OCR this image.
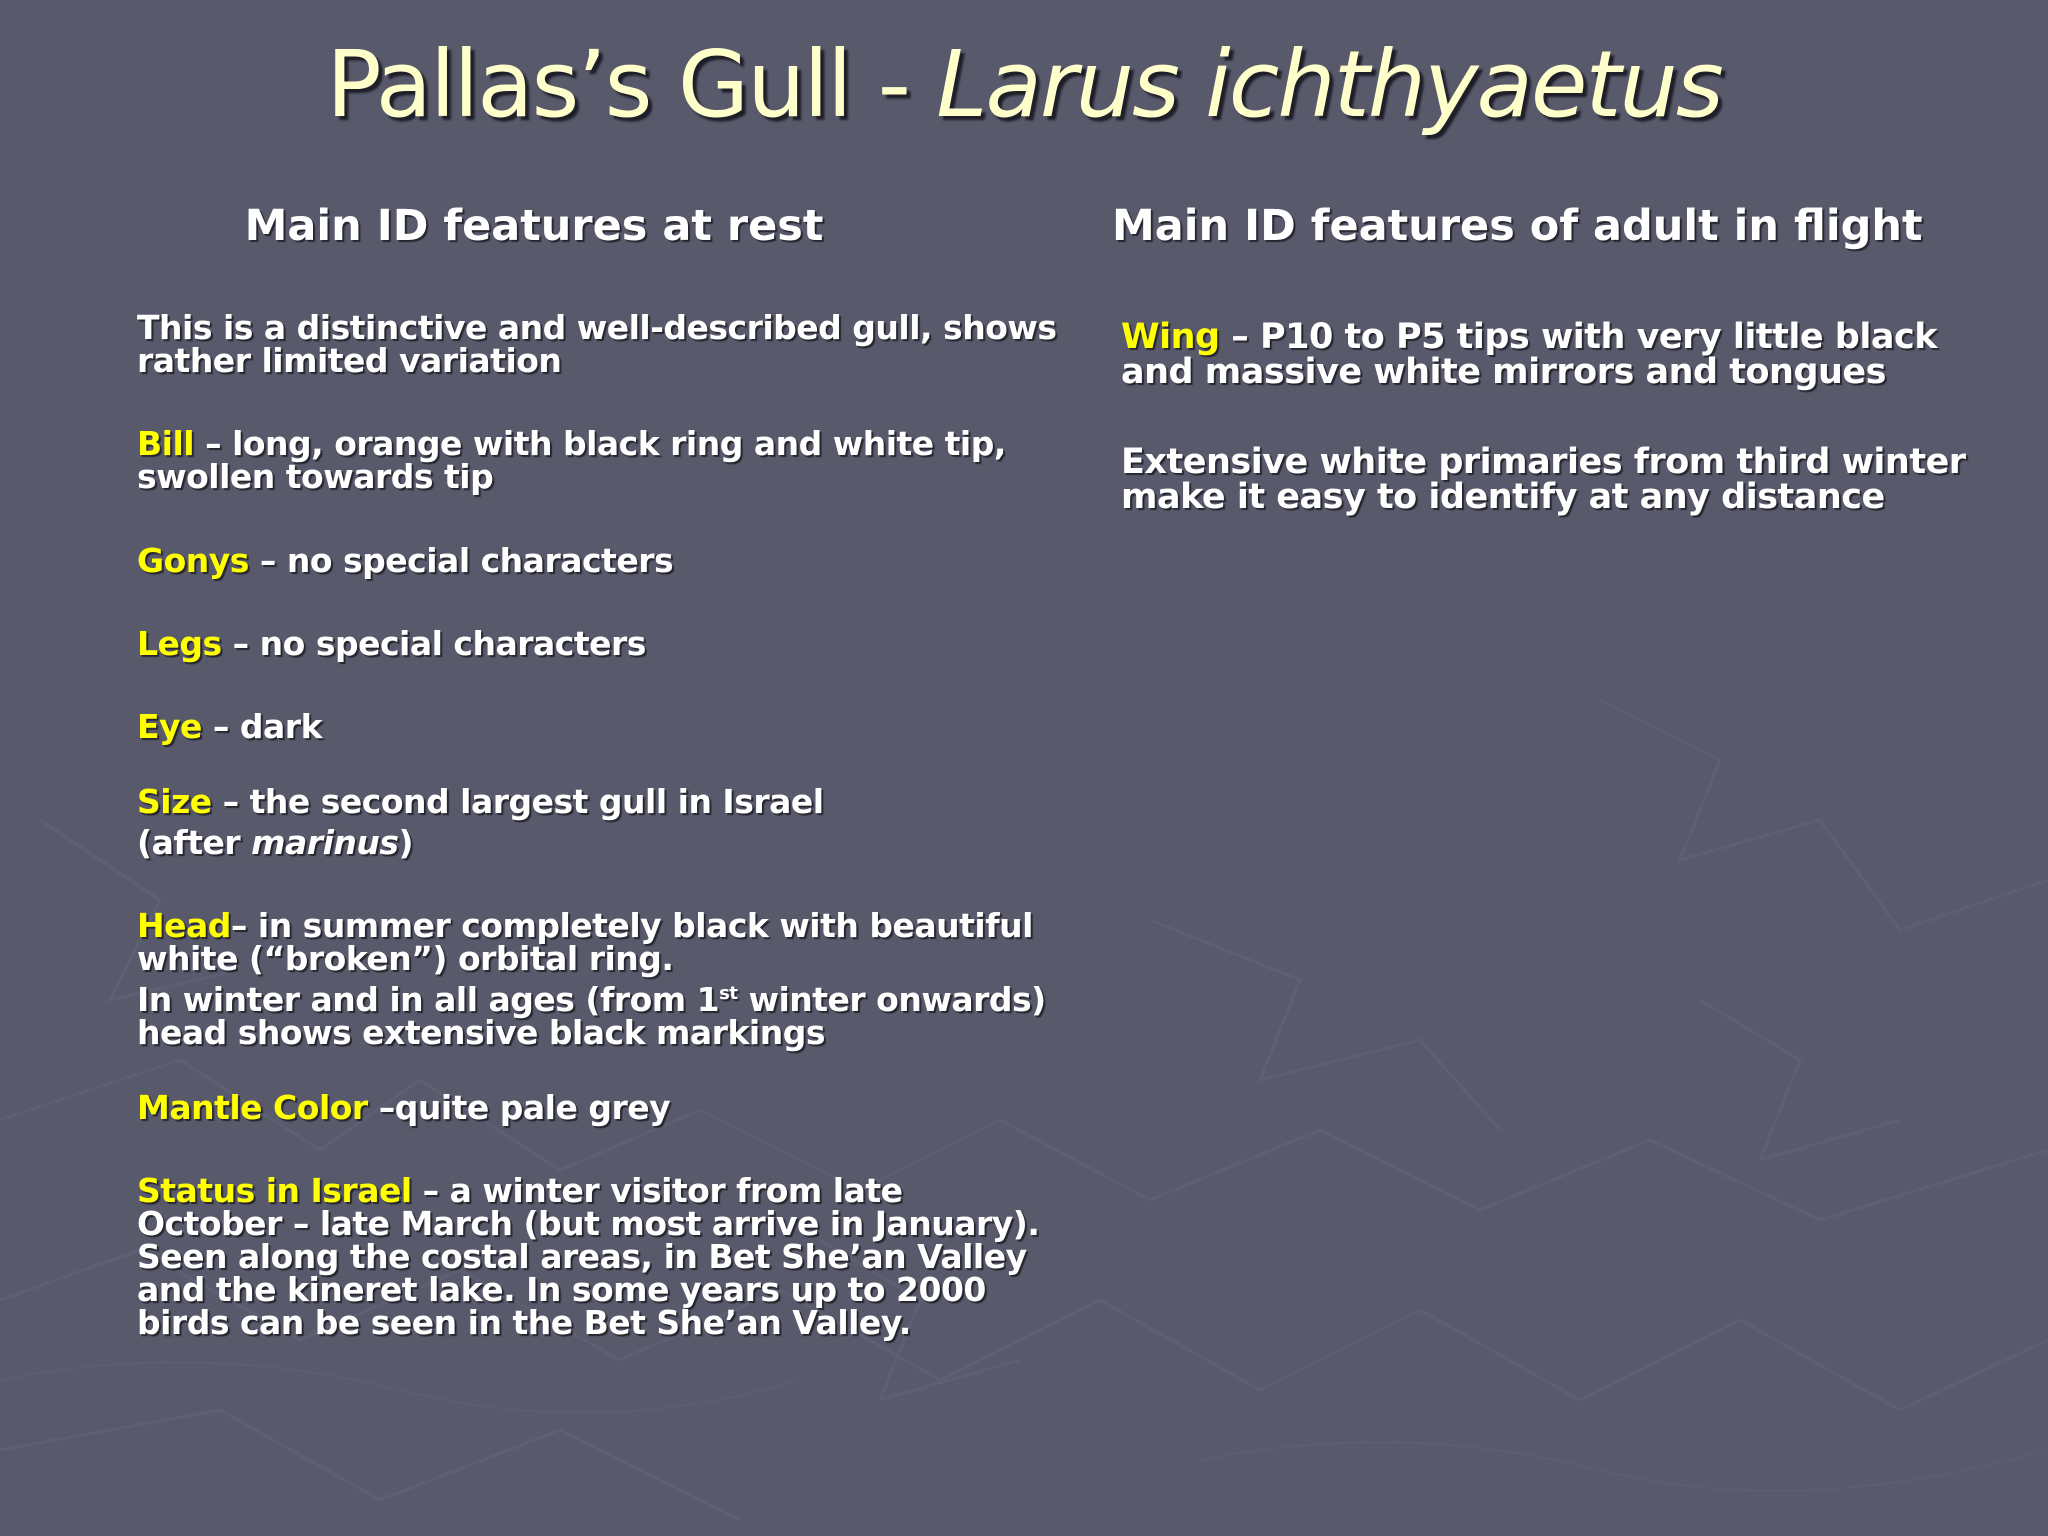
Pallas’s Gull - Larus ichthyaetus
Main ID features at rest	Main ID features of adult in flight
This is a distinctive and well-described gull, shows
rather limited variation
Bill – long, orange with black ring and white tip,
swollen towards tip
Gonys – no special characters
Legs – no special characters
Eye – dark
Size – the second largest gull in Israel
(after marinus)
Head– in summer completely black with beautiful
white (“broken”) orbital ring.
In winter and in all ages (from 1st winter onwards)
head shows extensive black markings
Mantle Color –quite pale grey
Status in Israel – a winter visitor from late
October – late March (but most arrive in January).
Seen along the costal areas, in Bet She’an Valley
and the kineret lake. In some years up to 2000
birds can be seen in the Bet She’an Valley.
Wing – P10 to P5 tips with very little black
and massive white mirrors and tongues
Extensive white primaries from third winter
make it easy to identify at any distance
